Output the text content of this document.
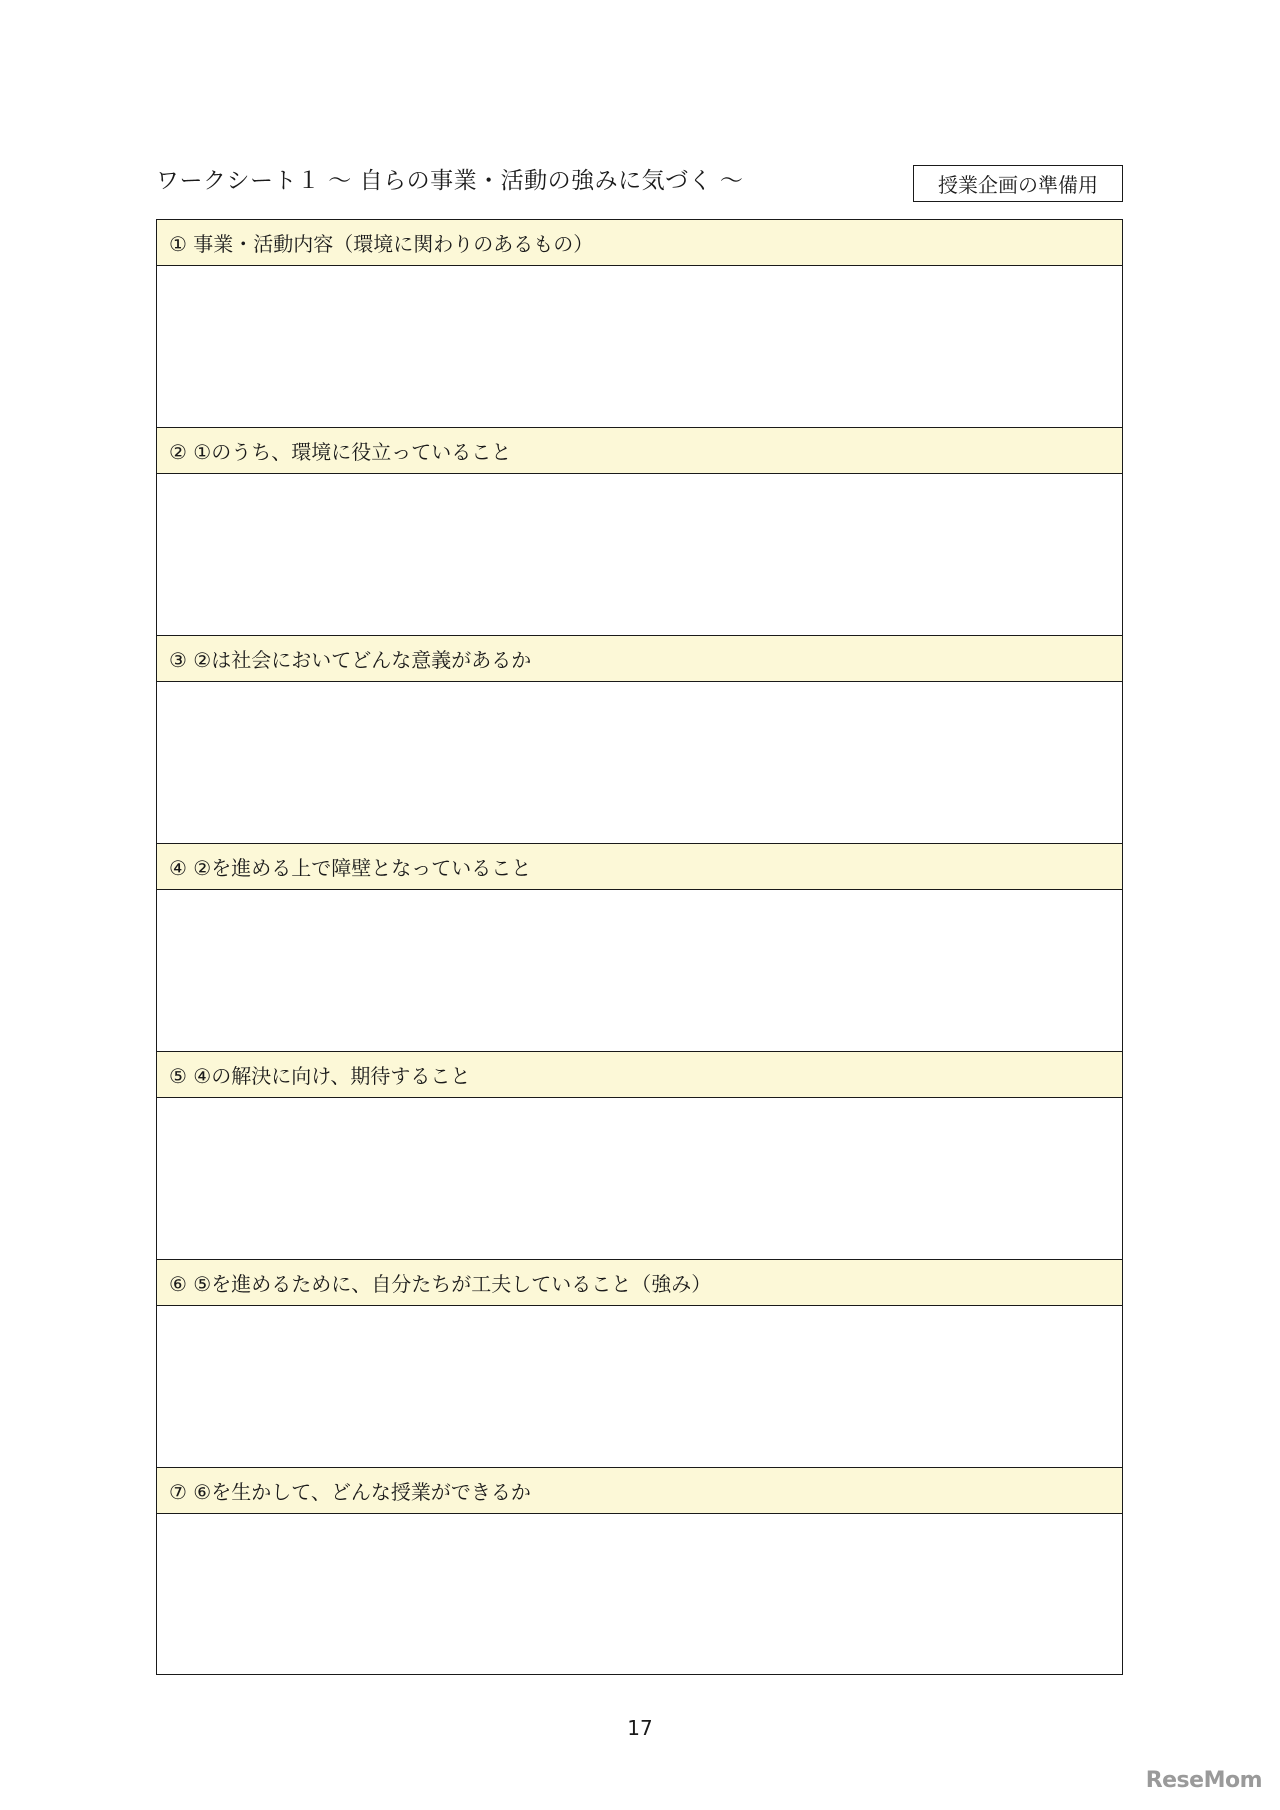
ワークシート１ 〜 自らの事業・活動の強みに気づく 〜	授業企画の準備用
① 事業・活動内容（環境に関わりのあるもの）
② ①のうち、環境に役立っていること
③ ②は社会においてどんな意義があるか
④ ②を進める上で障壁となっていること
⑤ ④の解決に向け、期待すること
⑥ ⑤を進めるために、自分たちが工夫していること（強み）
⑦ ⑥を生かして、どんな授業ができるか
17
ReseMom
